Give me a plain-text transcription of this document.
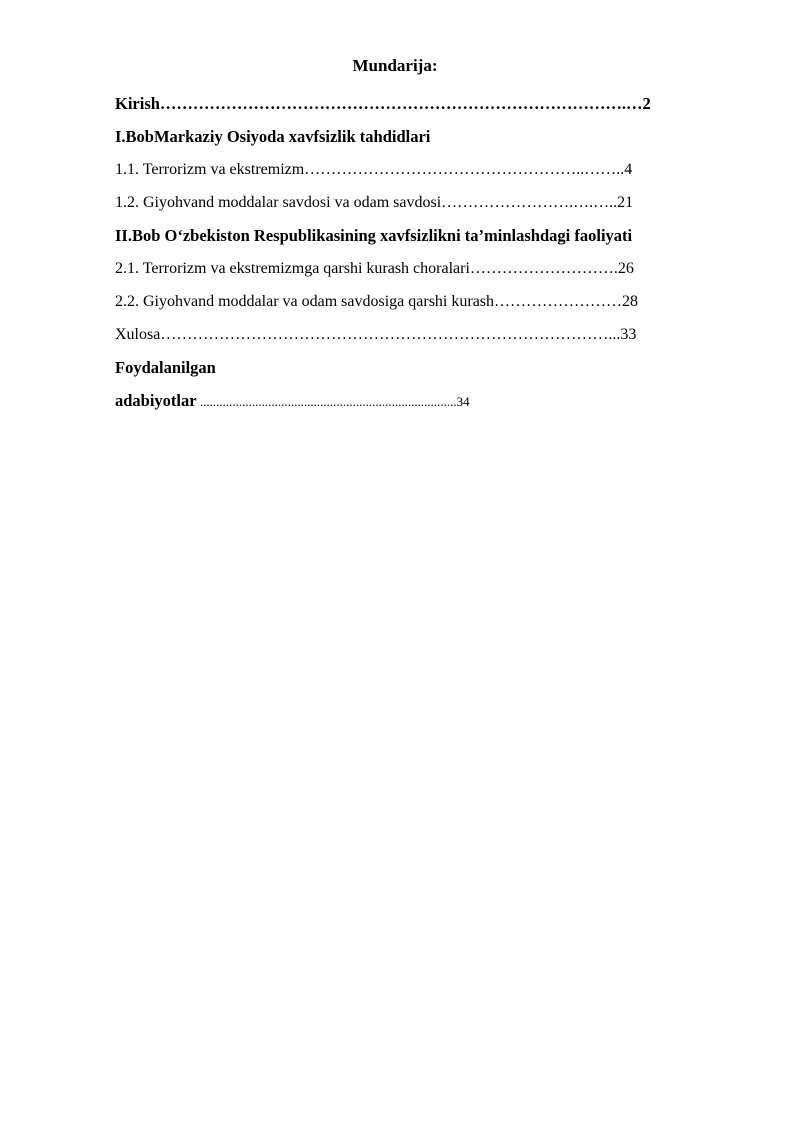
Mundarija:
Kirish………………………………………………………………………….…2
I.BobMarkaziy Osiyoda xavfsizlik tahdidlari
1.1. Terrorizm va ekstremizm……………………………………………..……..4
1.2. Giyohvand moddalar savdosi va odam savdosi…………………….….…..21
II.Bob O‘zbekiston Respublikasining xavfsizlikni ta’minlashdagi faoliyati
2.1. Terrorizm va ekstremizmga qarshi kurash choralari……………………….26
2.2. Giyohvand moddalar va odam savdosiga qarshi kurash……………………28
Xulosa…………………………………………………………………………...33
Foydalanilgan
adabiyotlar ...............................................................................34
